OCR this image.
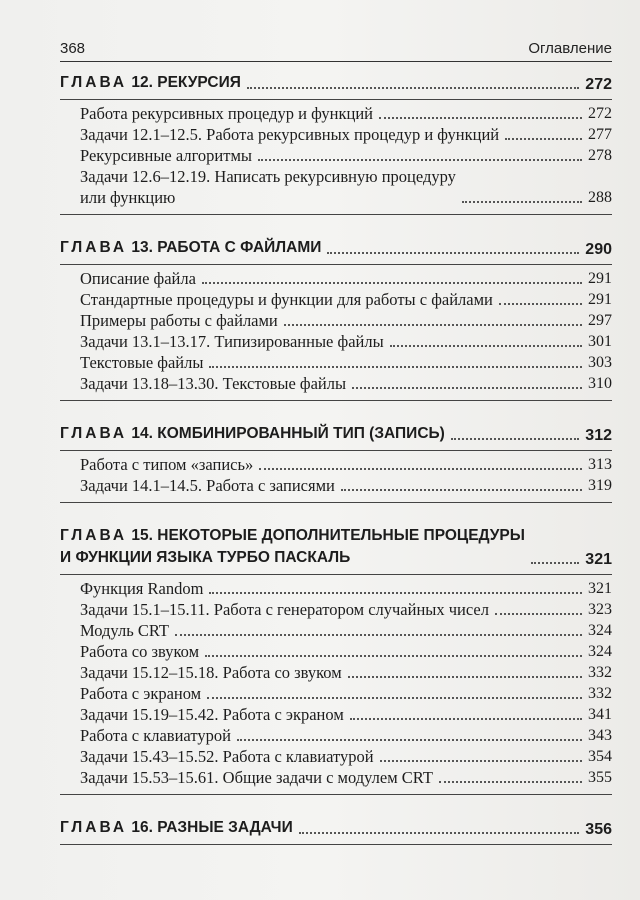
368	Оглавление
ГЛАВА 12. РЕКУРСИЯ	272
Работа рекурсивных процедур и функций	272
Задачи 12.1–12.5. Работа рекурсивных процедур и функций	277
Рекурсивные алгоритмы	278
Задачи 12.6–12.19. Написать рекурсивную процедуру
или функцию	288
ГЛАВА 13. РАБОТА С ФАЙЛАМИ	290
Описание файла	291
Стандартные процедуры и функции для работы с файлами	291
Примеры работы с файлами	297
Задачи 13.1–13.17. Типизированные файлы	301
Текстовые файлы	303
Задачи 13.18–13.30. Текстовые файлы	310
ГЛАВА 14. КОМБИНИРОВАННЫЙ ТИП (ЗАПИСЬ)	312
Работа с типом «запись»	313
Задачи 14.1–14.5. Работа с записями	319
ГЛАВА 15. НЕКОТОРЫЕ ДОПОЛНИТЕЛЬНЫЕ ПРОЦЕДУРЫ
И ФУНКЦИИ ЯЗЫКА ТУРБО ПАСКАЛЬ	321
Функция Random	321
Задачи 15.1–15.11. Работа с генератором случайных чисел	323
Модуль CRT	324
Работа со звуком	324
Задачи 15.12–15.18. Работа со звуком	332
Работа с экраном	332
Задачи 15.19–15.42. Работа с экраном	341
Работа с клавиатурой	343
Задачи 15.43–15.52. Работа с клавиатурой	354
Задачи 15.53–15.61. Общие задачи с модулем CRT	355
ГЛАВА 16. РАЗНЫЕ ЗАДАЧИ	356
